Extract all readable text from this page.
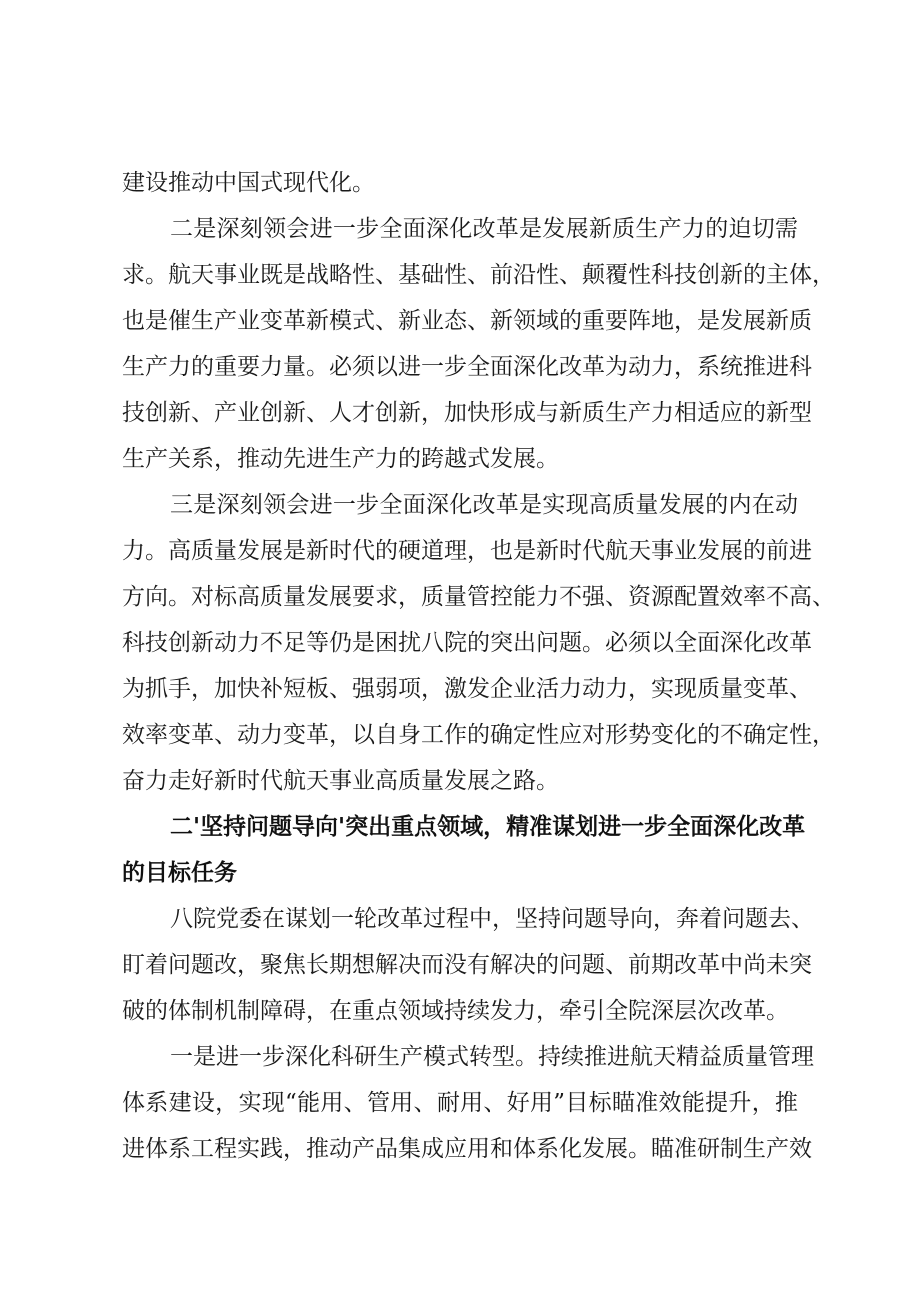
建设推动中国式现代化。
二是深刻领会进一步全面深化改革是发展新质生产力的迫切需
求。航天事业既是战略性、基础性、前沿性、颠覆性科技创新的主体，
也是催生产业变革新模式、新业态、新领域的重要阵地，是发展新质
生产力的重要力量。必须以进一步全面深化改革为动力，系统推进科
技创新、产业创新、人才创新，加快形成与新质生产力相适应的新型
生产关系，推动先进生产力的跨越式发展。
三是深刻领会进一步全面深化改革是实现高质量发展的内在动
力。高质量发展是新时代的硬道理，也是新时代航天事业发展的前进
方向。对标高质量发展要求，质量管控能力不强、资源配置效率不高、
科技创新动力不足等仍是困扰八院的突出问题。必须以全面深化改革
为抓手，加快补短板、强弱项，激发企业活力动力，实现质量变革、
效率变革、动力变革，以自身工作的确定性应对形势变化的不确定性，
奋力走好新时代航天事业高质量发展之路。
二'坚持问题导向'突出重点领域，精准谋划进一步全面深化改革
的目标任务
八院党委在谋划一轮改革过程中，坚持问题导向，奔着问题去、
盯着问题改，聚焦长期想解决而没有解决的问题、前期改革中尚未突
破的体制机制障碍，在重点领域持续发力，牵引全院深层次改革。
一是进一步深化科研生产模式转型。持续推进航天精益质量管理
体系建设，实现“能用、管用、耐用、好用”目标瞄准效能提升，推
进体系工程实践，推动产品集成应用和体系化发展。瞄准研制生产效
